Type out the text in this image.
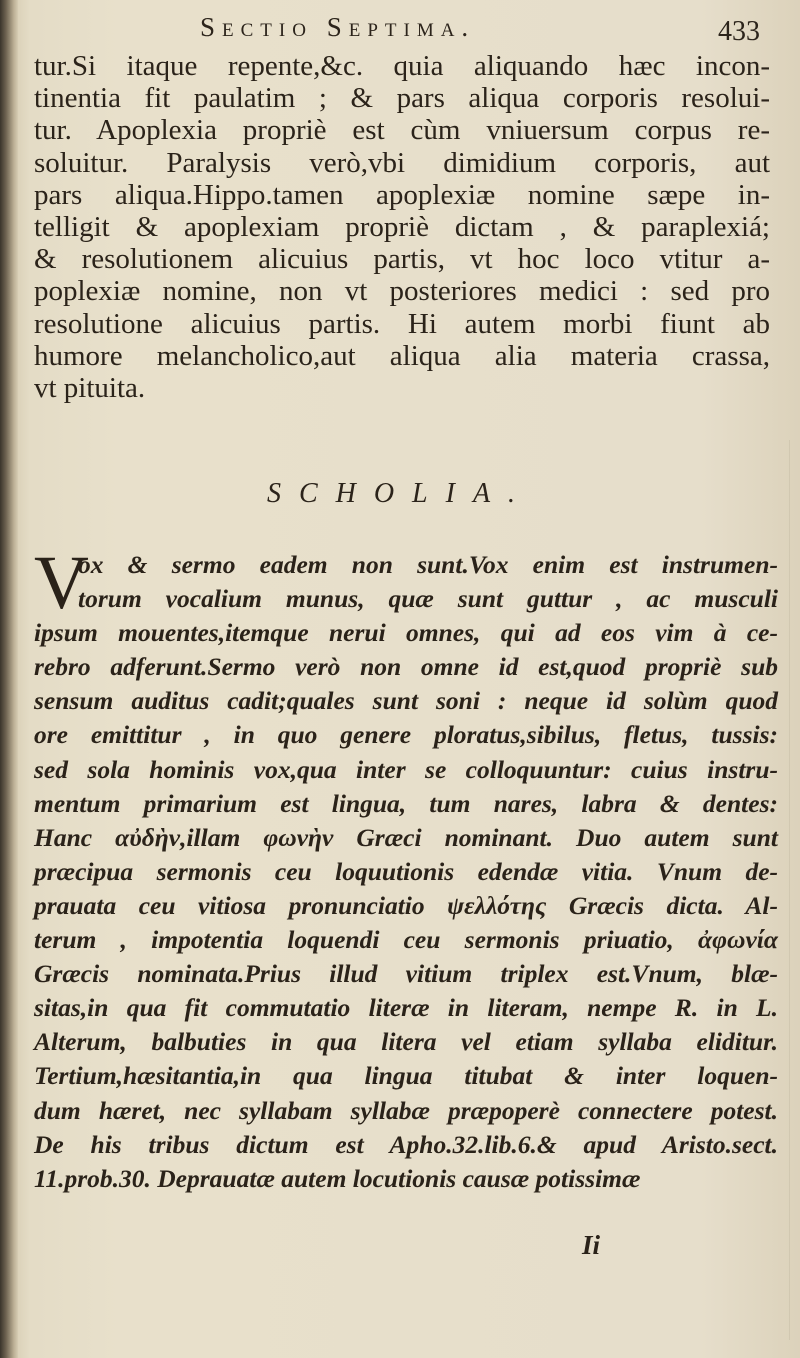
Sectio Septima.	433
tur.Si itaque repente,&c. quia aliquando hæc incon-
tinentia fit paulatim ; & pars aliqua corporis resolui-
tur. Apoplexia propriè est cùm vniuersum corpus re-
soluitur. Paralysis verò,vbi dimidium corporis, aut
pars aliqua.Hippo.tamen apoplexiæ nomine sæpe in-
telligit & apoplexiam propriè dictam , & paraplexiá;
& resolutionem alicuius partis, vt hoc loco vtitur a-
poplexiæ nomine, non vt posteriores medici : sed pro
resolutione alicuius partis. Hi autem morbi fiunt ab
humore melancholico,aut aliqua alia materia crassa,
vt pituita.
SCHOLIA.
V
ox & sermo eadem non sunt.Vox enim est instrumen-
torum vocalium munus, quæ sunt guttur , ac musculi
ipsum mouentes,itemque nerui omnes, qui ad eos vim à ce-
rebro adferunt.Sermo verò non omne id est,quod propriè sub
sensum auditus cadit;quales sunt soni : neque id solùm quod
ore emittitur , in quo genere ploratus,sibilus, fletus, tussis:
sed sola hominis vox,qua inter se colloquuntur: cuius instru-
mentum primarium est lingua, tum nares, labra & dentes:
Hanc αὐδὴν,illam φωνὴν Græci nominant. Duo autem sunt
præcipua sermonis ceu loquutionis edendæ vitia. Vnum de-
prauata ceu vitiosa pronunciatio ψελλότης Græcis dicta. Al-
terum , impotentia loquendi ceu sermonis priuatio, ἀφωνία
Græcis nominata.Prius illud vitium triplex est.Vnum, blæ-
sitas,in qua fit commutatio literæ in literam, nempe R. in L.
Alterum, balbuties in qua litera vel etiam syllaba eliditur.
Tertium,hæsitantia,in qua lingua titubat & inter loquen-
dum hæret, nec syllabam syllabæ præpoperè connectere potest.
De his tribus dictum est Apho.32.lib.6.& apud Aristo.sect.
11.prob.30. Deprauatæ autem locutionis causæ potissimæ
Ii
